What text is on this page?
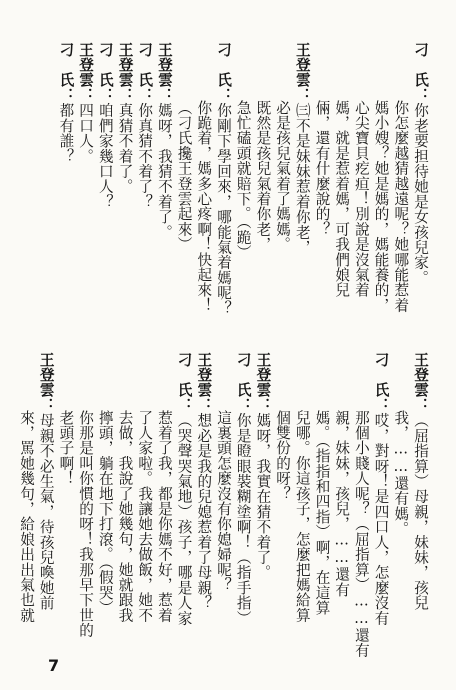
刁　氏：你老要担待她是女孩兒家。
你怎麼越猜越遠呢？她哪能惹着
媽小嫂？她是媽的，媽能養的，
心尖寶貝疙疸！別說是沒氣着
媽，就是惹着媽，可我們娘兒
倆，還有什麼說的？
王登雲：㈢不是妹妹惹着你老，
必是孩兒氣着了媽媽。
既然是孩兒氣着你老，
急忙磕頭就賠下。（跪）
刁　氏：你剛下學回來，哪能氣着媽呢？
你跪着，媽多心疼啊！快起來！
（刁氏攙王登雲起來）
王登雲：媽呀，我猜不着了。
刁　氏：你真猜不着了？
王登雲：真猜不着了。
刁　氏：咱們家幾口人？
王登雲：四口人。
刁　氏：都有誰？
王登雲：（屈指算）母親，妹妹，孩兒
我，……還有媽。
刁　氏：哎，對呀！是四口人，怎麼沒有
那個小賤人呢？（屈指算）……還有
親，妹妹，孩兒，……還有
媽。（指指和四指）啊，在這算
兒哪。你這孩子，怎麼把媽給算
個雙份的呀？
王登雲：媽呀，我實在猜不着了。
刁　氏：你是瞪眼裝糊塗啊！（指手指）
這裏頭怎麼沒有你媳婦呢？
王登雲：想必是我的兒媳惹着了母親？
刁　氏：（哭聲哭氣地）孩子，哪是人家
惹着了我，都是你媽不好，惹着
了人家啦。我讓她去做飯，她不
去做，我說了她幾句，她就跟我
擰頭，躺在地下打滾。（假哭）
你那是叫你慣的呀！我那早下世的
老頭子啊！
王登雲：母親不必生氣，待孩兒喚她前
來，罵她幾句，給娘出出氣也就
7
